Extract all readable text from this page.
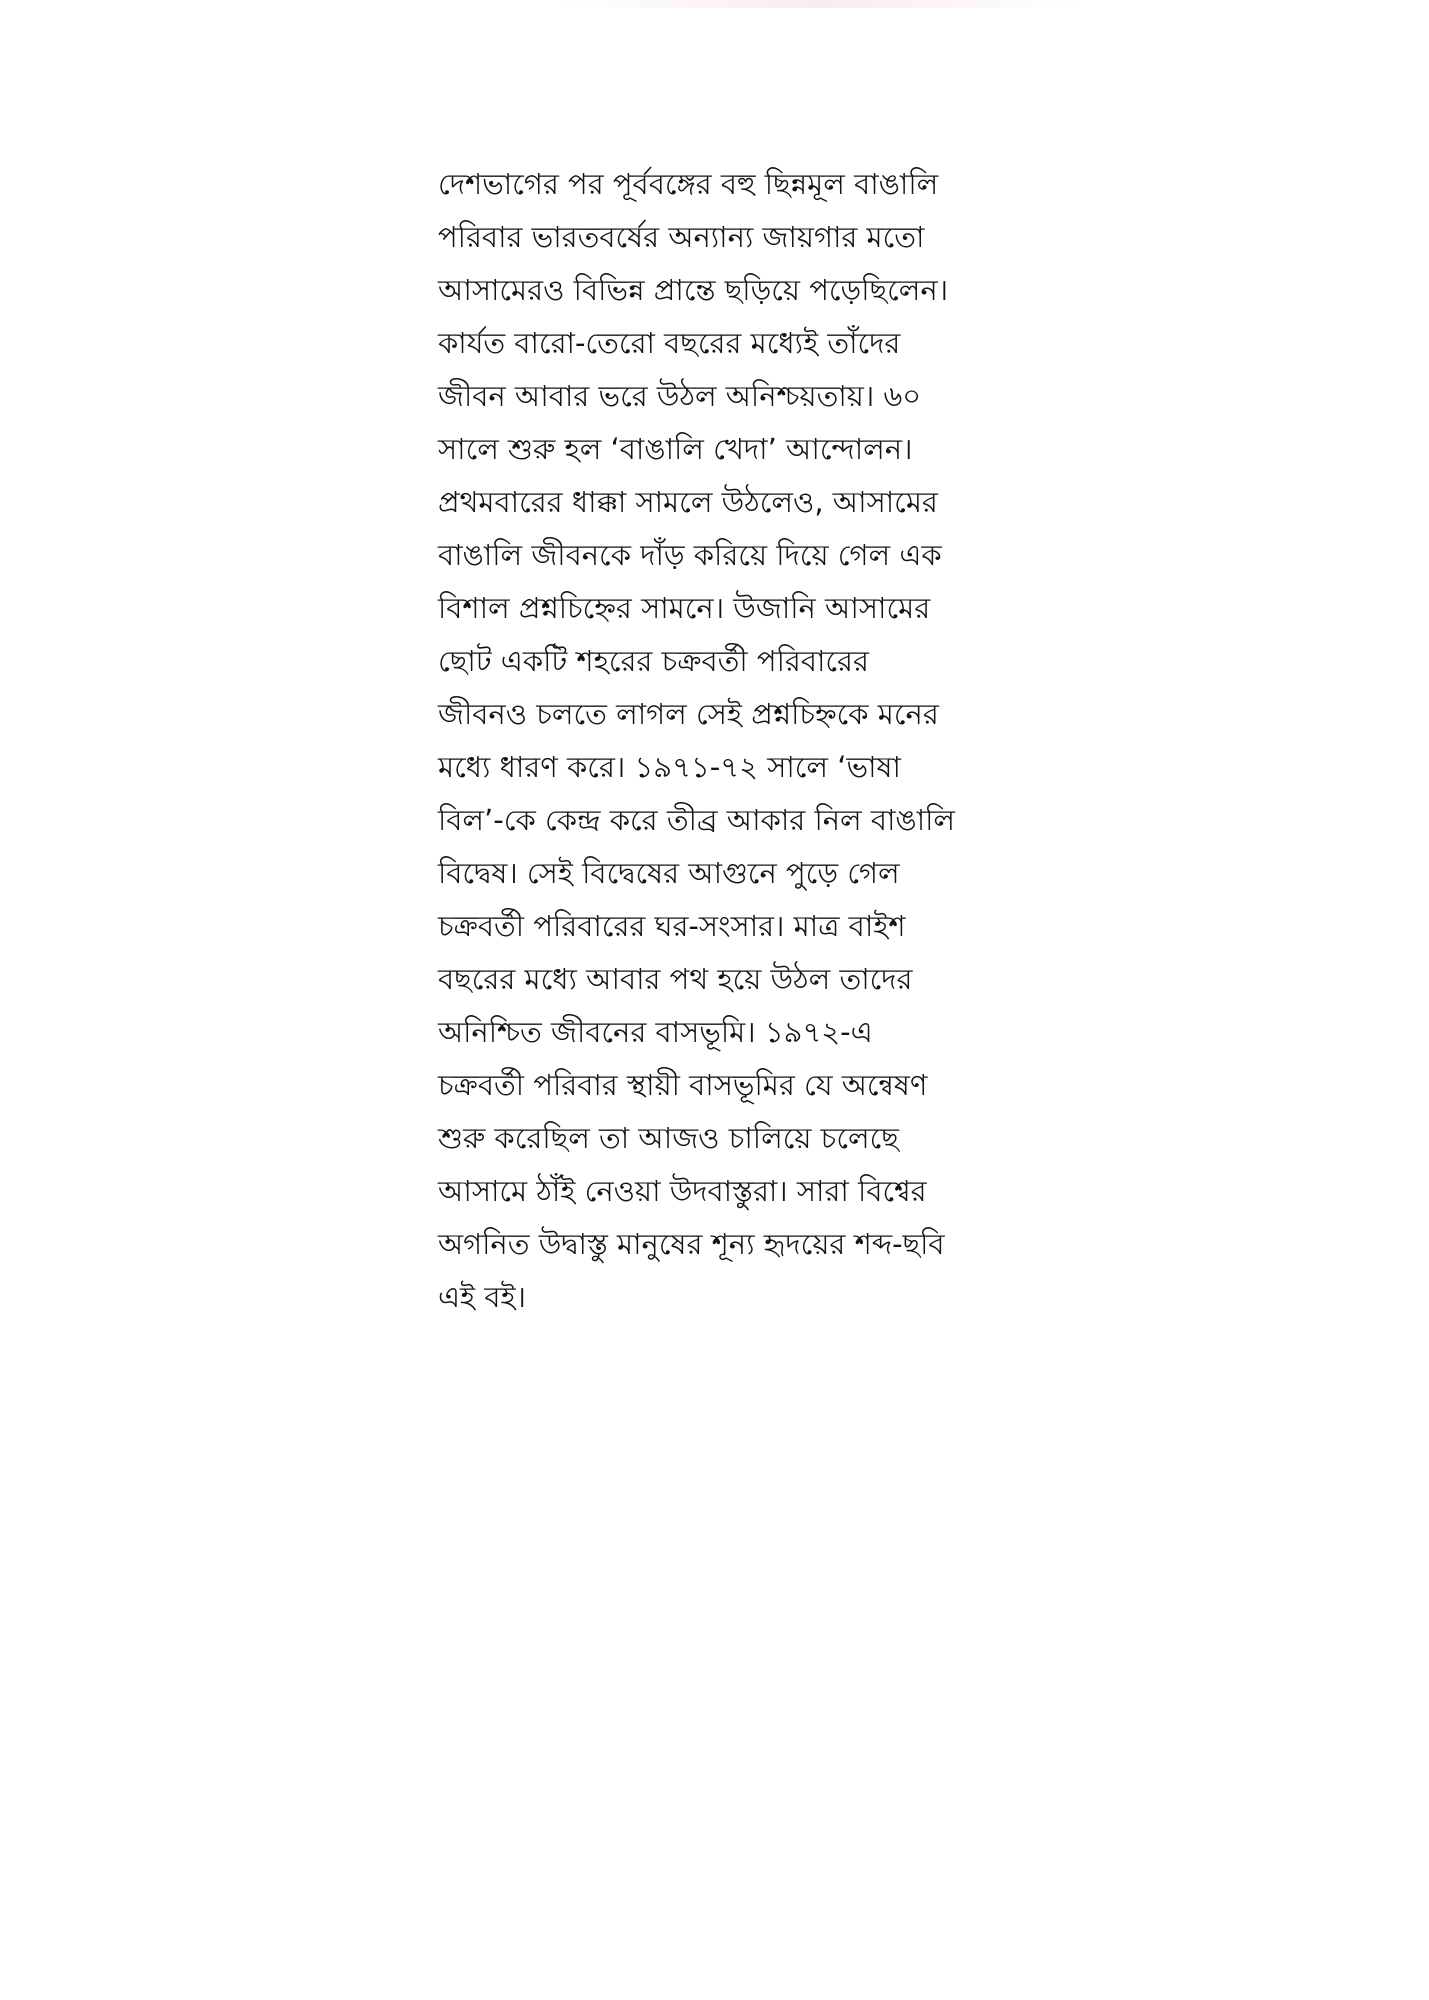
দেশভাগের পর পূর্ববঙ্গের বহু ছিন্নমূল বাঙালি
পরিবার ভারতবর্ষের অন্যান্য জায়গার মতো
আসামেরও বিভিন্ন প্রান্তে ছড়িয়ে পড়েছিলেন।
কার্যত বারো-তেরো বছরের মধ্যেই তাঁদের
জীবন আবার ভরে উঠল অনিশ্চয়তায়। ৬০
সালে শুরু হল ‘বাঙালি খেদা’ আন্দোলন।
প্রথমবারের ধাক্কা সামলে উঠলেও, আসামের
বাঙালি জীবনকে দাঁড় করিয়ে দিয়ে গেল এক
বিশাল প্রশ্নচিহ্নের সামনে। উজানি আসামের
ছোট একটি শহরের চক্রবর্তী পরিবারের
জীবনও চলতে লাগল সেই প্রশ্নচিহ্নকে মনের
মধ্যে ধারণ করে। ১৯৭১-৭২ সালে ‘ভাষা
বিল’-কে কেন্দ্র করে তীব্র আকার নিল বাঙালি
বিদ্বেষ। সেই বিদ্বেষের আগুনে পুড়ে গেল
চক্রবর্তী পরিবারের ঘর-সংসার। মাত্র বাইশ
বছরের মধ্যে আবার পথ হয়ে উঠল তাদের
অনিশ্চিত জীবনের বাসভূমি। ১৯৭২-এ
চক্রবর্তী পরিবার স্থায়ী বাসভূমির যে অন্বেষণ
শুরু করেছিল তা আজও চালিয়ে চলেছে
আসামে ঠাঁই নেওয়া উদবাস্তুরা। সারা বিশ্বের
অগনিত উদ্বাস্তু মানুষের শূন্য হৃদয়ের শব্দ-ছবি
এই বই।
